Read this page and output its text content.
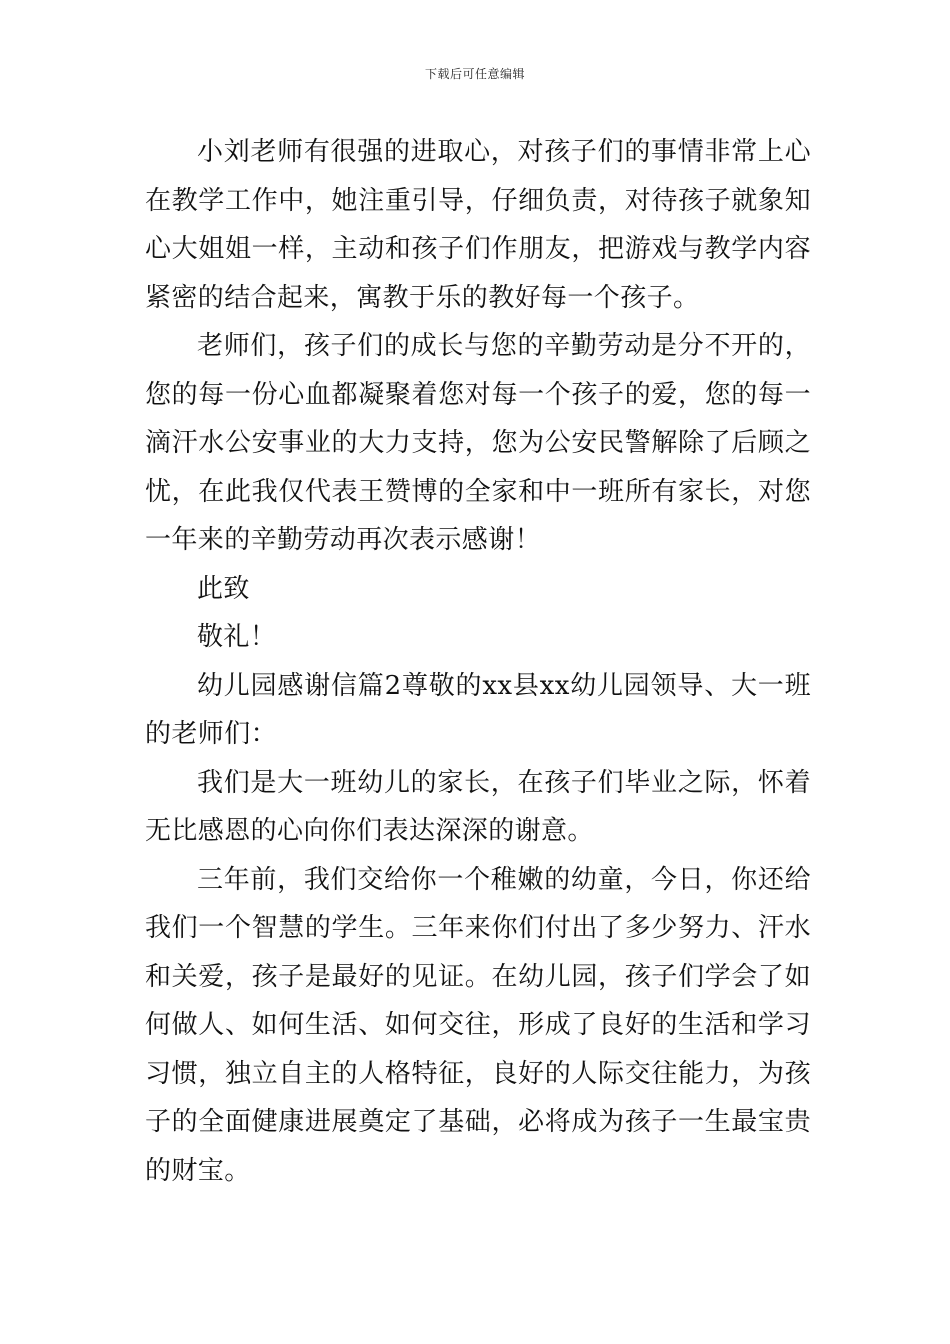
下载后可任意编辑

小刘老师有很强的进取心，对孩子们的事情非常上心在教学工作中，她注重引导，仔细负责，对待孩子就象知心大姐姐一样，主动和孩子们作朋友，把游戏与教学内容紧密的结合起来，寓教于乐的教好每一个孩子。

老师们，孩子们的成长与您的辛勤劳动是分不开的，您的每一份心血都凝聚着您对每一个孩子的爱，您的每一滴汗水公安事业的大力支持，您为公安民警解除了后顾之忧，在此我仅代表王赞博的全家和中一班所有家长，对您一年来的辛勤劳动再次表示感谢！

此致

敬礼！

幼儿园感谢信篇2尊敬的xx县xx幼儿园领导、大一班的老师们：

我们是大一班幼儿的家长，在孩子们毕业之际，怀着无比感恩的心向你们表达深深的谢意。

三年前，我们交给你一个稚嫩的幼童，今日，你还给我们一个智慧的学生。三年来你们付出了多少努力、汗水和关爱，孩子是最好的见证。在幼儿园，孩子们学会了如何做人、如何生活、如何交往，形成了良好的生活和学习习惯，独立自主的人格特征，良好的人际交往能力，为孩子的全面健康进展奠定了基础，必将成为孩子一生最宝贵的财宝。
